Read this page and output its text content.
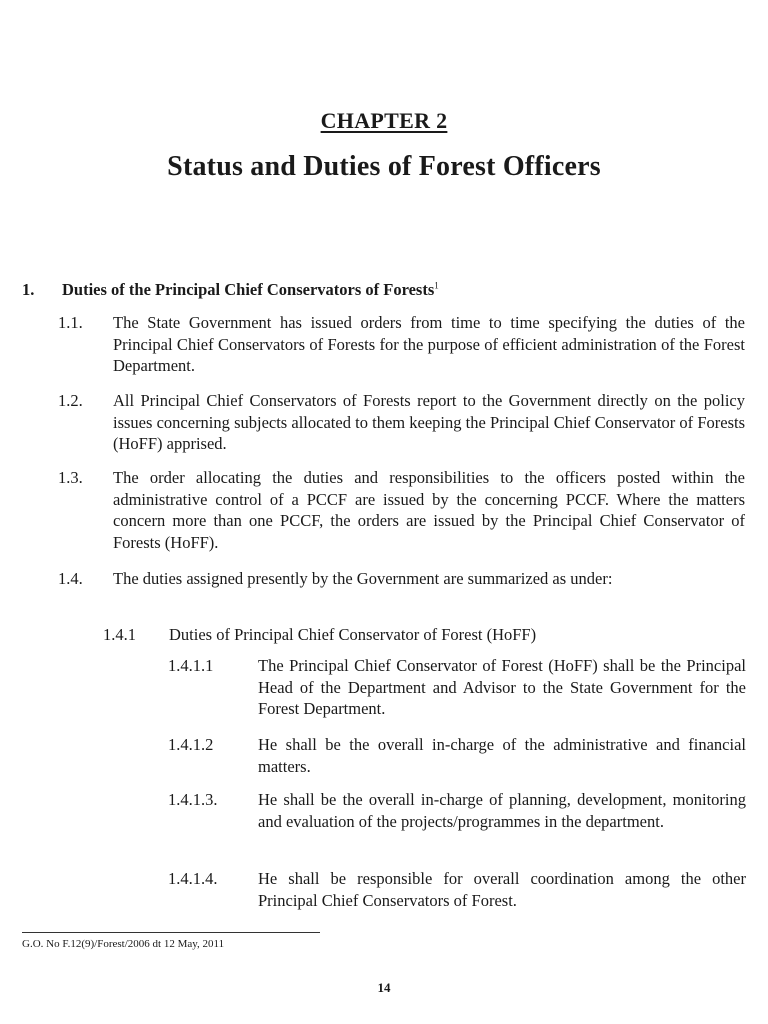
CHAPTER 2
Status and Duties of Forest Officers
1. Duties of the Principal Chief Conservators of Forests$^1$
1.1. The State Government has issued orders from time to time specifying the duties of the Principal Chief Conservators of Forests for the purpose of efficient administration of the Forest Department.
1.2. All Principal Chief Conservators of Forests report to the Government directly on the policy issues concerning subjects allocated to them keeping the Principal Chief Conservator of Forests (HoFF) apprised.
1.3. The order allocating the duties and responsibilities to the officers posted within the administrative control of a PCCF are issued by the concerning PCCF. Where the matters concern more than one PCCF, the orders are issued by the Principal Chief Conservator of Forests (HoFF).
1.4. The duties assigned presently by the Government are summarized as under:
1.4.1 Duties of Principal Chief Conservator of Forest (HoFF)
1.4.1.1	The Principal Chief Conservator of Forest (HoFF) shall be the Principal Head of the Department and Advisor to the State Government for the Forest Department.
1.4.1.2	He shall be the overall in-charge of the administrative and financial matters.
1.4.1.3. He shall be the overall in-charge of planning, development, monitoring and evaluation of the projects/programmes in the department.
1.4.1.4. He shall be responsible for overall coordination among the other Principal Chief Conservators of Forest.
G.O. No F.12(9)/Forest/2006 dt 12 May, 2011
14
